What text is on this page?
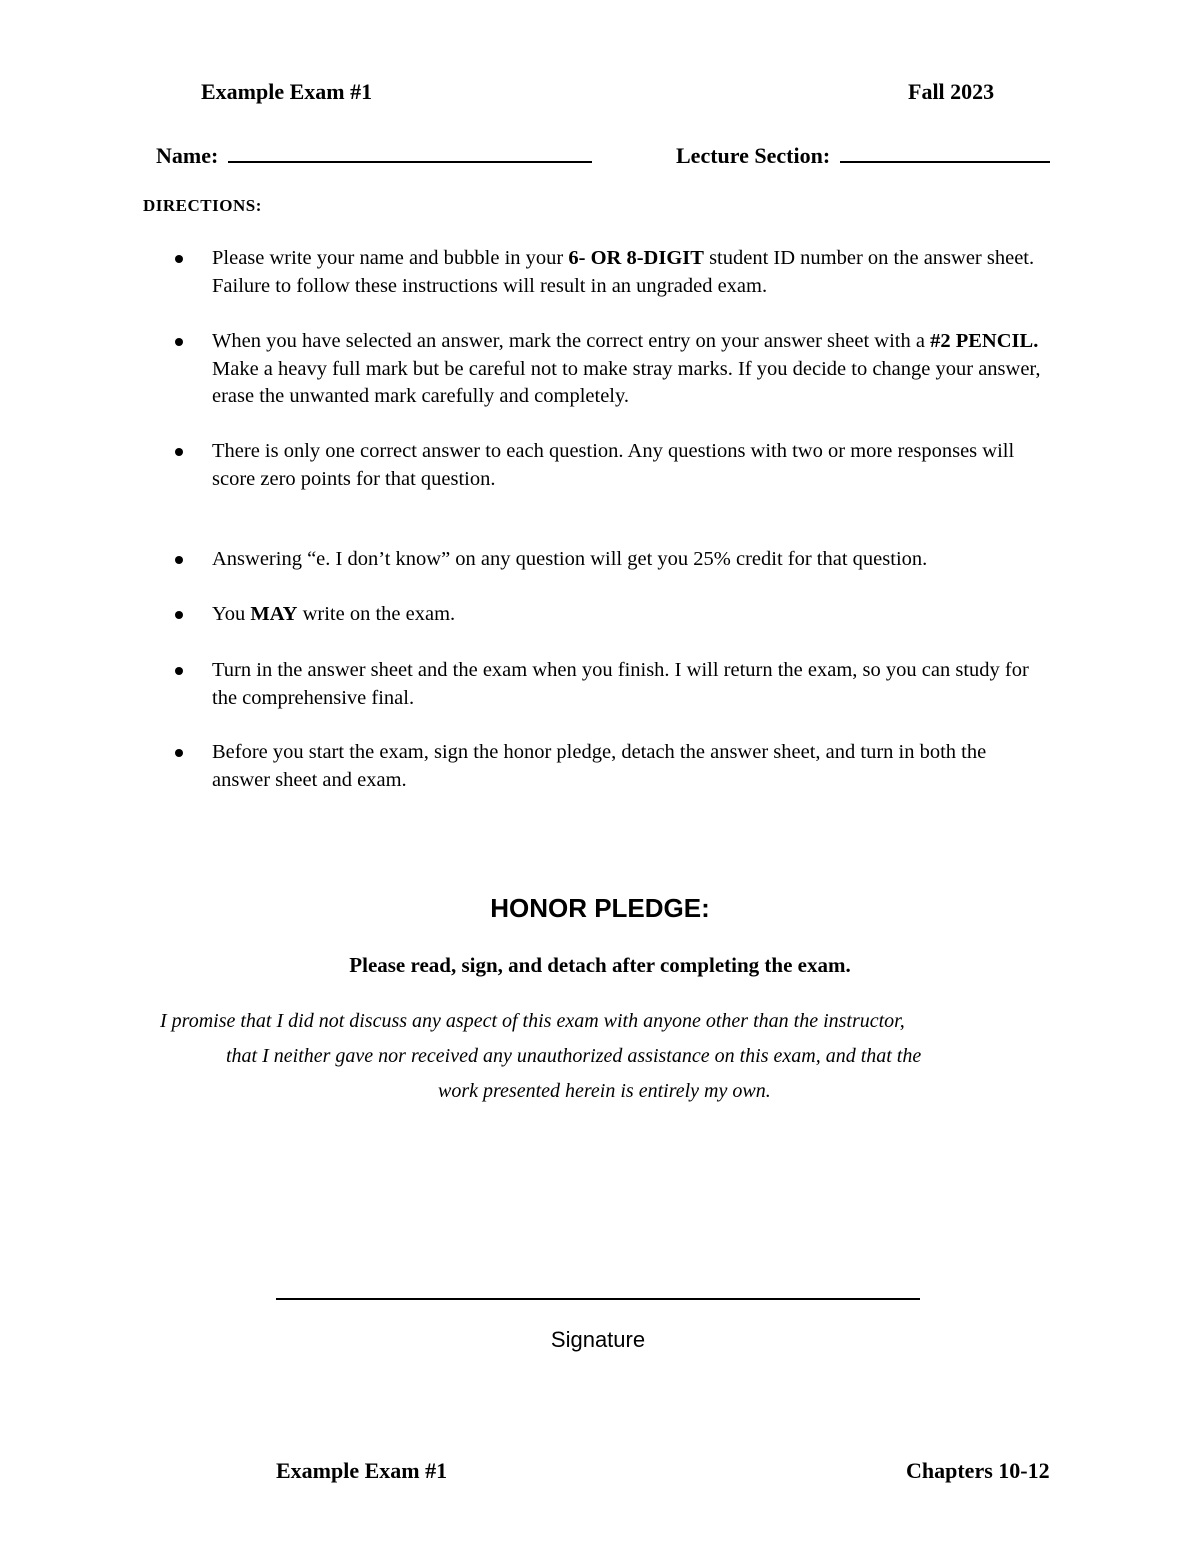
Example Exam #1	Fall 2023
Name:	Lecture Section:
DIRECTIONS:
Please write your name and bubble in your 6- OR 8-DIGIT student ID number on the answer sheet. Failure to follow these instructions will result in an ungraded exam.
When you have selected an answer, mark the correct entry on your answer sheet with a #2 PENCIL. Make a heavy full mark but be careful not to make stray marks. If you decide to change your answer, erase the unwanted mark carefully and completely.
There is only one correct answer to each question. Any questions with two or more responses will score zero points for that question.
Answering “e. I don’t know” on any question will get you 25% credit for that question.
You MAY write on the exam.
Turn in the answer sheet and the exam when you finish. I will return the exam, so you can study for the comprehensive final.
Before you start the exam, sign the honor pledge, detach the answer sheet, and turn in both the answer sheet and exam.
HONOR PLEDGE:
Please read, sign, and detach after completing the exam.
I promise that I did not discuss any aspect of this exam with anyone other than the instructor,
that I neither gave nor received any unauthorized assistance on this exam, and that the
work presented herein is entirely my own.
Signature
Example Exam #1	Chapters 10-12
